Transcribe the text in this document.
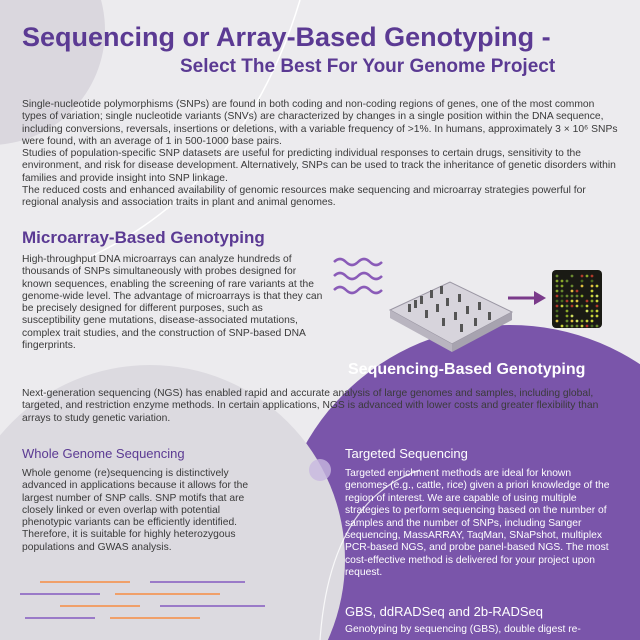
Sequencing or Array-Based Genotyping -
Select The Best For Your Genome Project

Single-nucleotide polymorphisms (SNPs) are found in both coding and non-coding regions of genes, one of the most common types of variation; single nucleotide variants (SNVs) are characterized by changes in a single position within the DNA sequence, including conversions, reversals, insertions or deletions, with a variable frequency of >1%. In humans, approximately 3 × 10⁶ SNPs were found, with an average of 1 in 500-1000 base pairs.

Studies of population-specific SNP datasets are useful for predicting individual responses to certain drugs, sensitivity to the environment, and risk for disease development. Alternatively, SNPs can be used to track the inheritance of genetic disorders within families and provide insight into SNP linkage.

The reduced costs and enhanced availability of genomic resources make sequencing and microarray strategies powerful for regional analysis and association traits in plant and animal genomes.

Microarray-Based Genotyping

High-throughput DNA microarrays can analyze hundreds of thousands of SNPs simultaneously with probes designed for known sequences, enabling the screening of rare variants at the genome-wide level. The advantage of microarrays is that they can be precisely designed for different purposes, such as susceptibility gene mutations, disease-associated mutations, complex trait studies, and the construction of SNP-based DNA fingerprints.

Sequencing-Based Genotyping

Next-generation sequencing (NGS) has enabled rapid and accurate analysis of large genomes and samples, including global, targeted, and restriction enzyme methods. In certain applications, NGS is advanced with lower costs and greater flexibility than arrays to study genetic variation.

Whole Genome Sequencing

Whole genome (re)sequencing is distinctively advanced in applications because it allows for the largest number of SNP calls. SNP motifs that are closely linked or even overlap with potential phenotypic variants can be efficiently identified. Therefore, it is suitable for highly heterozygous populations and GWAS analysis.

Targeted Sequencing

Targeted enrichment methods are ideal for known genomes (e.g., cattle, rice) given a priori knowledge of the region of interest. We are capable of using multiple strategies to perform sequencing based on the number of samples and the number of SNPs, including Sanger sequencing, MassARRAY, TaqMan, SNaPshot, multiplex PCR-based NGS, and probe panel-based NGS. The most cost-effective method is delivered for your project upon request.

GBS, ddRADSeq and 2b-RADSeq

Genotyping by sequencing (GBS), double digest re-
